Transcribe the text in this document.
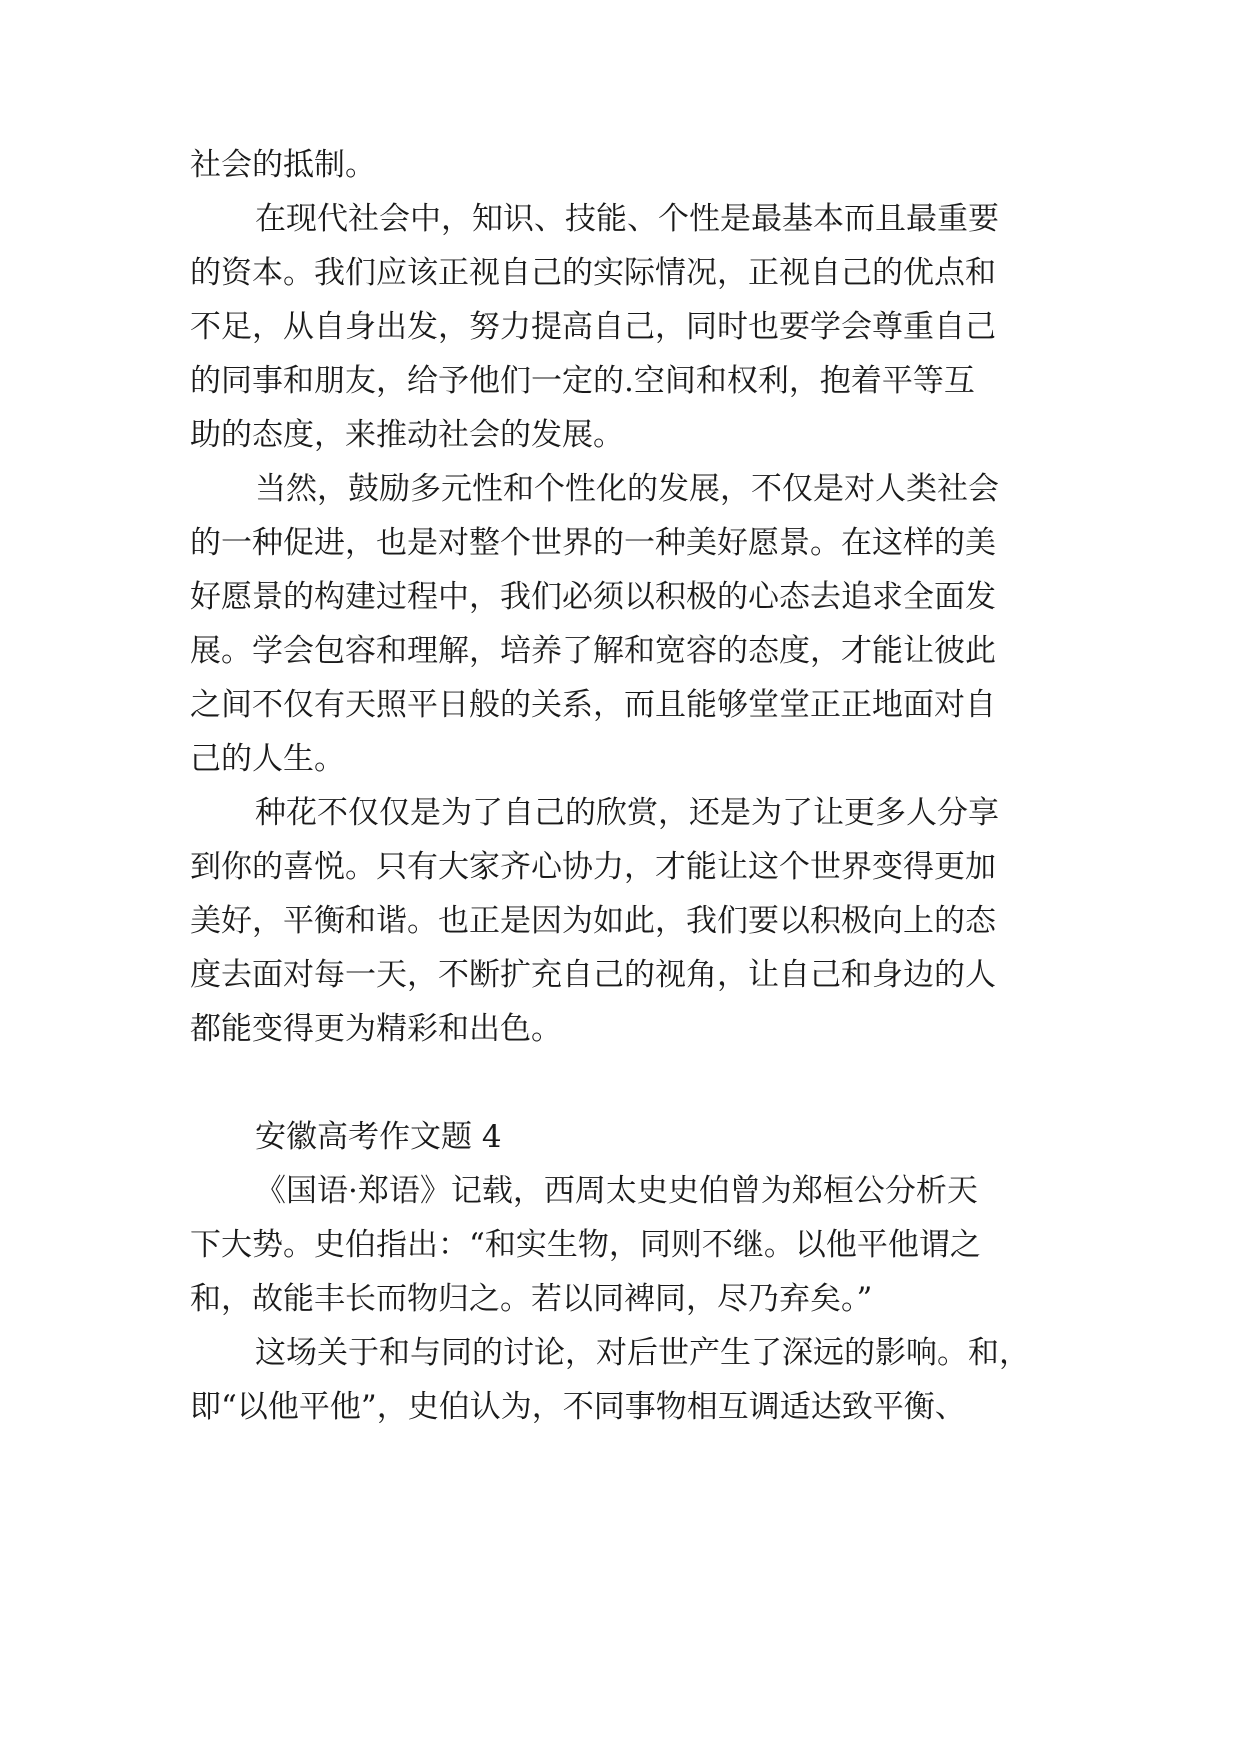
社会的抵制。
在现代社会中，知识、技能、个性是最基本而且最重要
的资本。我们应该正视自己的实际情况，正视自己的优点和
不足，从自身出发，努力提高自己，同时也要学会尊重自己
的同事和朋友，给予他们一定的.空间和权利，抱着平等互
助的态度，来推动社会的发展。
当然，鼓励多元性和个性化的发展，不仅是对人类社会
的一种促进，也是对整个世界的一种美好愿景。在这样的美
好愿景的构建过程中，我们必须以积极的心态去追求全面发
展。学会包容和理解，培养了解和宽容的态度，才能让彼此
之间不仅有天照平日般的关系，而且能够堂堂正正地面对自
己的人生。
种花不仅仅是为了自己的欣赏，还是为了让更多人分享
到你的喜悦。只有大家齐心协力，才能让这个世界变得更加
美好，平衡和谐。也正是因为如此，我们要以积极向上的态
度去面对每一天，不断扩充自己的视角，让自己和身边的人
都能变得更为精彩和出色。
安徽高考作文题 4
《国语·郑语》记载，西周太史史伯曾为郑桓公分析天
下大势。史伯指出：“和实生物，同则不继。以他平他谓之
和，故能丰长而物归之。若以同裨同，尽乃弃矣。”
这场关于和与同的讨论，对后世产生了深远的影响。和，
即“以他平他”，史伯认为，不同事物相互调适达致平衡、
